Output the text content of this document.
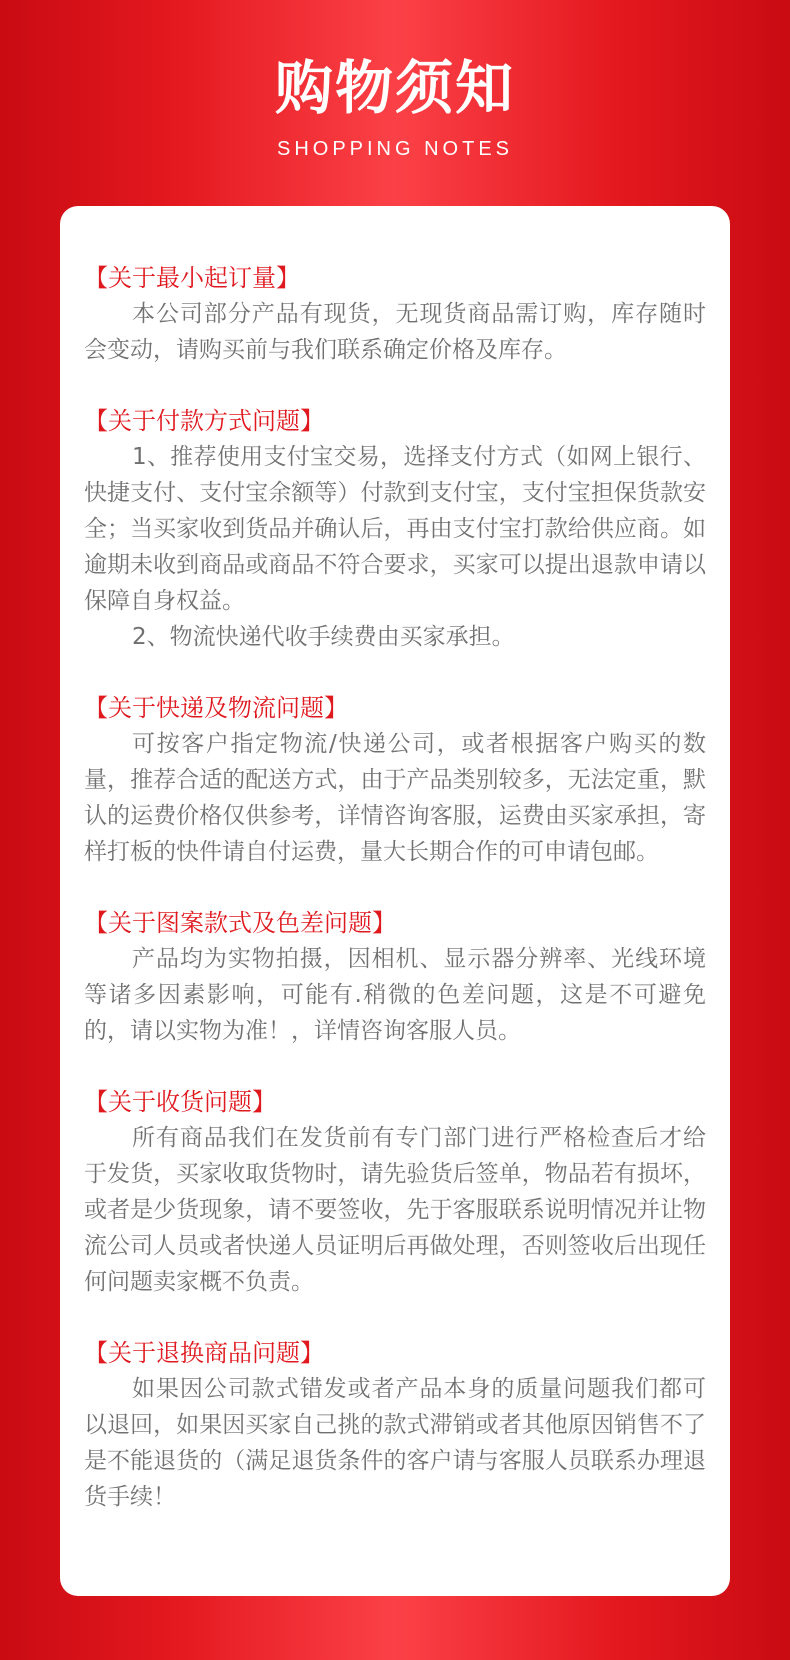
购物须知
SHOPPING NOTES
【关于最小起订量】

本公司部分产品有现货，无现货商品需订购，库存随时会变动，请购买前与我们联系确定价格及库存。

【关于付款方式问题】

1、推荐使用支付宝交易，选择支付方式（如网上银行、快捷支付、支付宝余额等）付款到支付宝，支付宝担保货款安全；当买家收到货品并确认后，再由支付宝打款给供应商。如逾期未收到商品或商品不符合要求，买家可以提出退款申请以保障自身权益。

2、物流快递代收手续费由买家承担。

【关于快递及物流问题】

可按客户指定物流/快递公司，或者根据客户购买的数量，推荐合适的配送方式，由于产品类别较多，无法定重，默认的运费价格仅供参考，详情咨询客服，运费由买家承担，寄样打板的快件请自付运费，量大长期合作的可申请包邮。

【关于图案款式及色差问题】

产品均为实物拍摄，因相机、显示器分辨率、光线环境等诸多因素影响，可能有.稍微的色差问题，这是不可避免的，请以实物为准！，详情咨询客服人员。

【关于收货问题】

所有商品我们在发货前有专门部门进行严格检查后才给于发货，买家收取货物时，请先验货后签单，物品若有损坏，或者是少货现象，请不要签收，先于客服联系说明情况并让物流公司人员或者快递人员证明后再做处理，否则签收后出现任何问题卖家概不负责。

【关于退换商品问题】

如果因公司款式错发或者产品本身的质量问题我们都可以退回，如果因买家自己挑的款式滞销或者其他原因销售不了是不能退货的（满足退货条件的客户请与客服人员联系办理退货手续！
